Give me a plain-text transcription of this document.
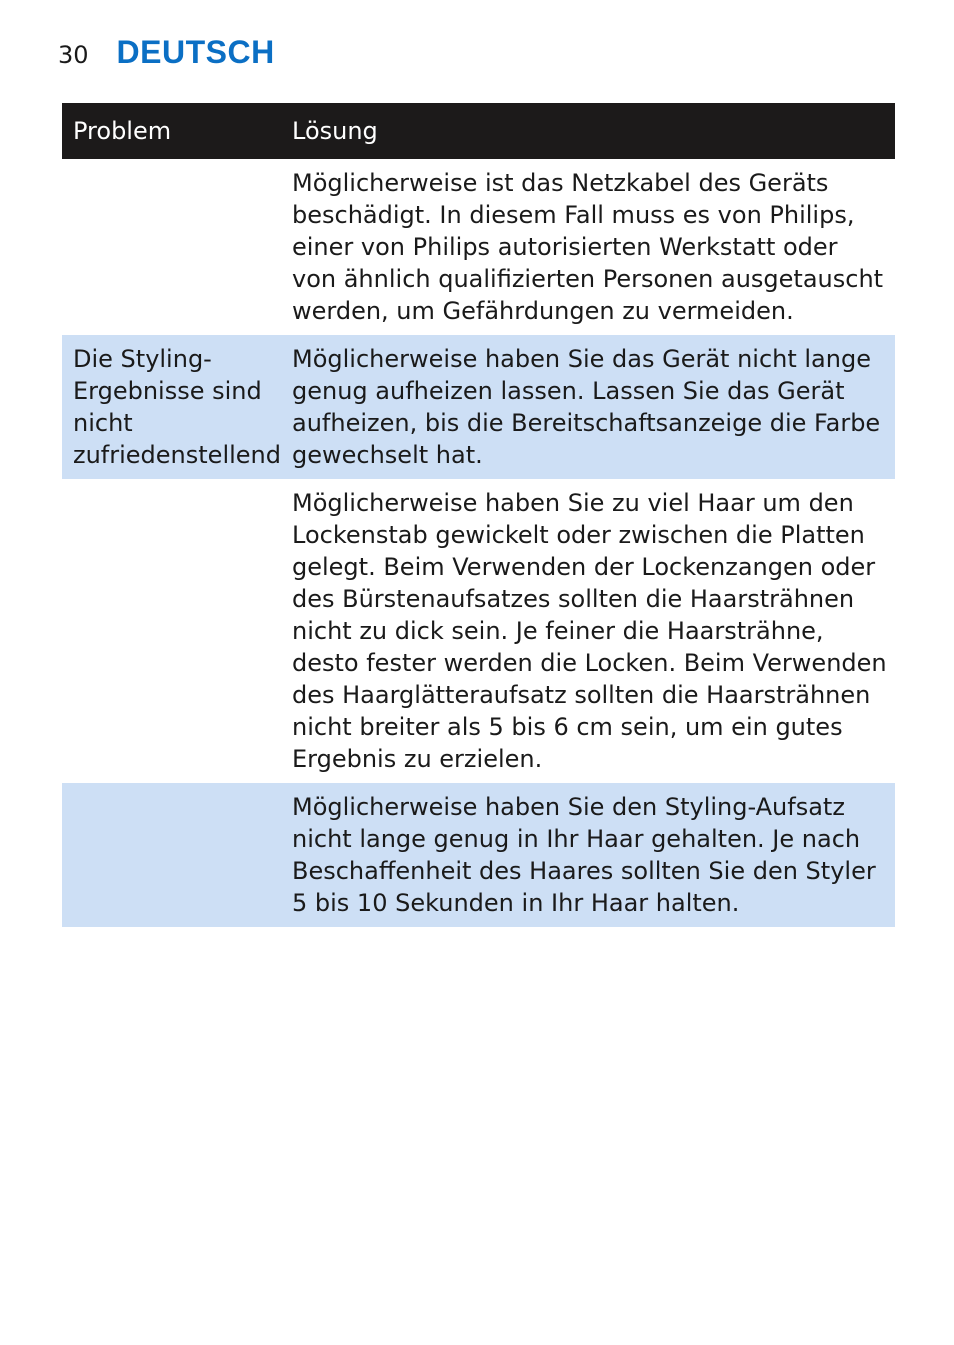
30 DEUTSCH
Problem	Lösung
	Möglicherweise ist das Netzkabel des Geräts beschädigt. In diesem Fall muss es von Philips, einer von Philips autorisierten Werkstatt oder von ähnlich qualifizierten Personen ausgetauscht werden, um Gefährdungen zu vermeiden.
Die Styling-Ergebnisse sind nicht zufriedenstellend	Möglicherweise haben Sie das Gerät nicht lange genug aufheizen lassen. Lassen Sie das Gerät aufheizen, bis die Bereitschaftsanzeige die Farbe gewechselt hat.
	Möglicherweise haben Sie zu viel Haar um den Lockenstab gewickelt oder zwischen die Platten gelegt. Beim Verwenden der Lockenzangen oder des Bürstenaufsatzes sollten die Haarsträhnen nicht zu dick sein. Je feiner die Haarsträhne, desto fester werden die Locken. Beim Verwenden des Haarglätteraufsatz sollten die Haarsträhnen nicht breiter als 5 bis 6 cm sein, um ein gutes Ergebnis zu erzielen.
	Möglicherweise haben Sie den Styling-Aufsatz nicht lange genug in Ihr Haar gehalten. Je nach Beschaffenheit des Haares sollten Sie den Styler 5 bis 10 Sekunden in Ihr Haar halten.
